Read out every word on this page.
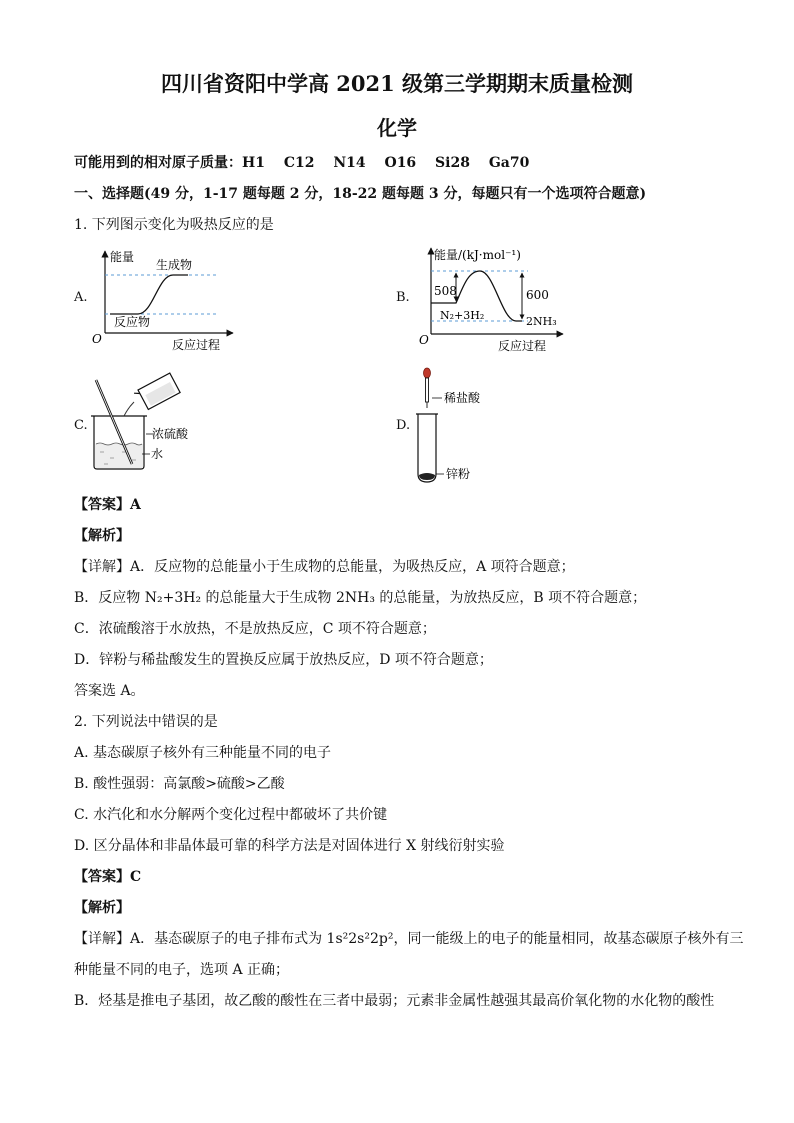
四川省资阳中学高 2021 级第三学期期末质量检测
化学
可能用到的相对原子质量：H1　 C12　 N14　 O16　 Si28　 Ga70
一、选择题(49 分，1-17 题每题 2 分，18-22 题每题 3 分，每题只有一个选项符合题意)
1. 下列图示变化为吸热反应的是
A.
能量
生成物
反应物
O	反应过程
B.
能量/(kJ·mol⁻¹)
508	600
N₂+3H₂	2NH₃
O	反应过程
C.
浓硫酸
水
D.
稀盐酸
锌粉
【答案】A
【解析】
【详解】A．反应物的总能量小于生成物的总能量，为吸热反应，A 项符合题意；
B．反应物 N₂+3H₂ 的总能量大于生成物 2NH₃ 的总能量，为放热反应，B 项不符合题意；
C．浓硫酸溶于水放热，不是放热反应，C 项不符合题意；
D．锌粉与稀盐酸发生的置换反应属于放热反应，D 项不符合题意；
答案选 A。
2. 下列说法中错误的是
A. 基态碳原子核外有三种能量不同的电子
B. 酸性强弱：高氯酸>硫酸>乙酸
C. 水汽化和水分解两个变化过程中都破坏了共价键
D. 区分晶体和非晶体最可靠的科学方法是对固体进行 X 射线衍射实验
【答案】C
【解析】
【详解】A．基态碳原子的电子排布式为 1s²2s²2p²，同一能级上的电子的能量相同，故基态碳原子核外有三
种能量不同的电子，选项 A 正确；
B．烃基是推电子基团，故乙酸的酸性在三者中最弱；元素非金属性越强其最高价氧化物的水化物的酸性
